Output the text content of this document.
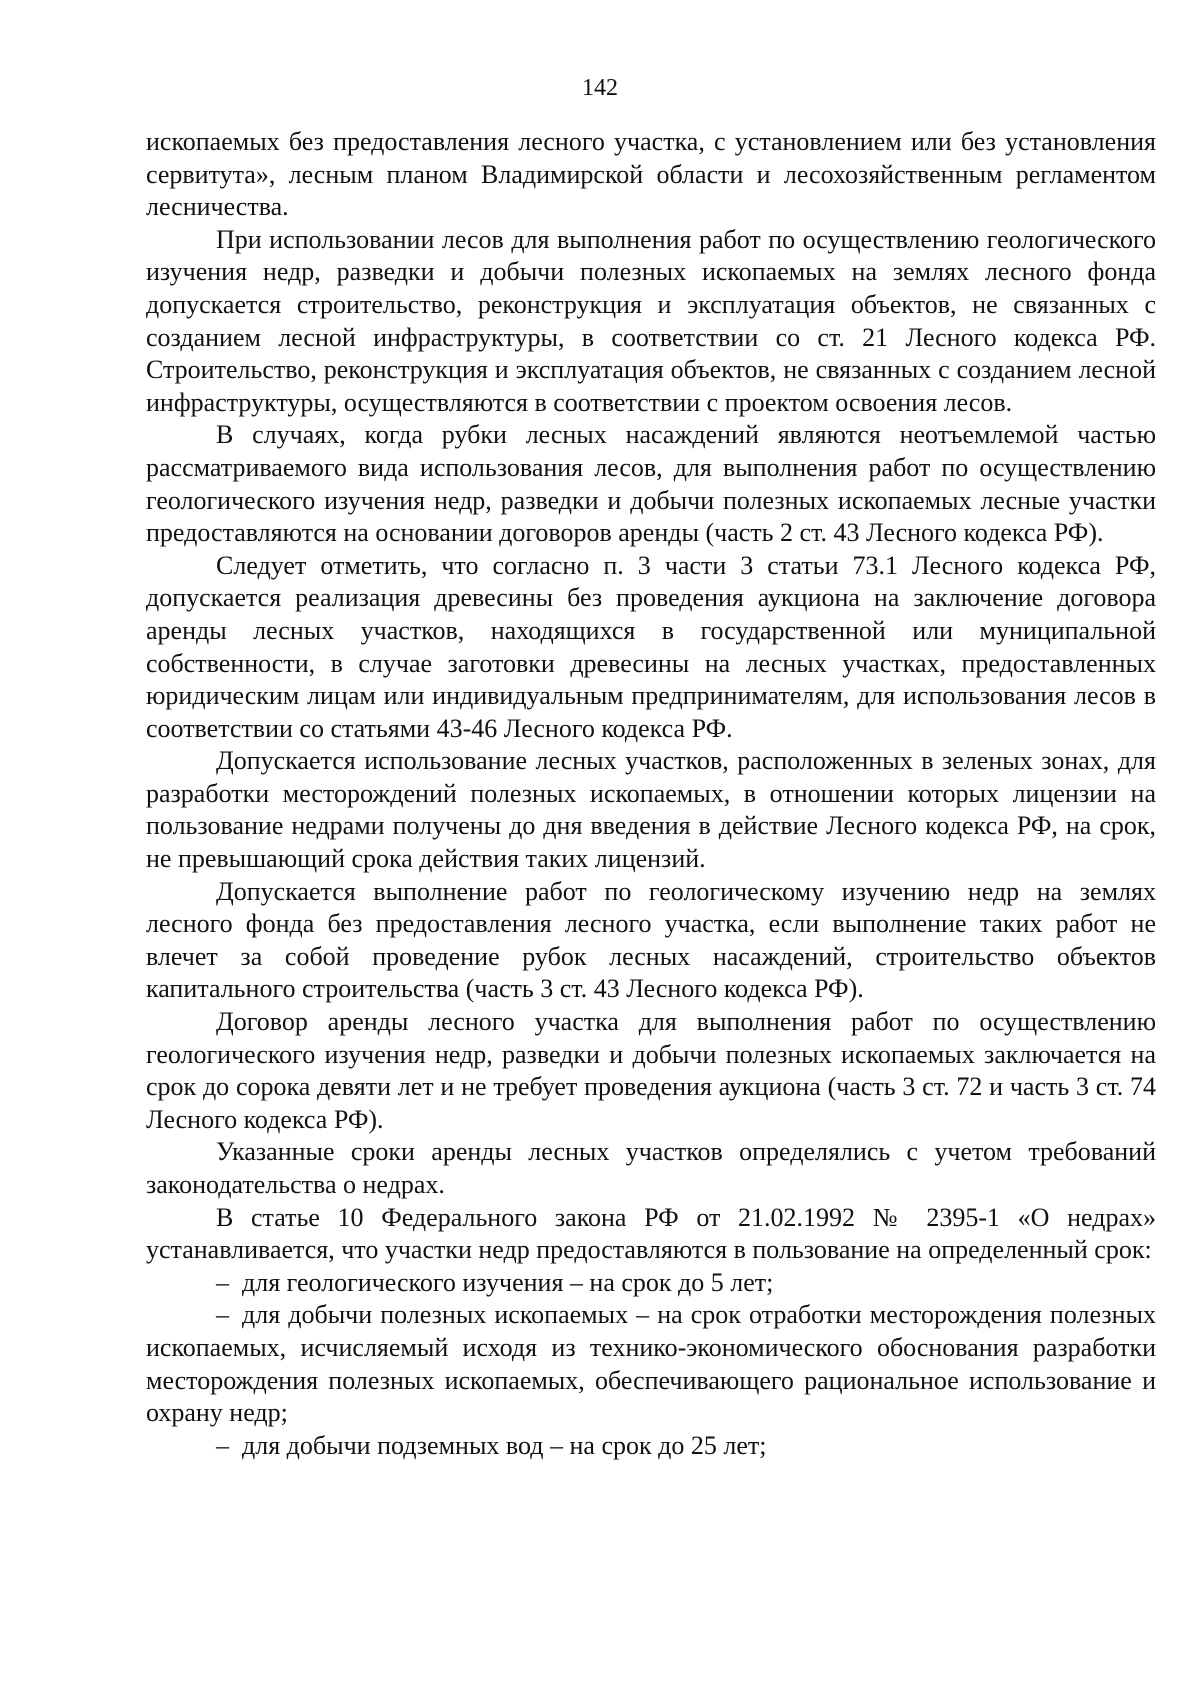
142

ископаемых без предоставления лесного участка, с установлением или без установления сервитута», лесным планом Владимирской области и лесохозяйственным регламентом лесничества.

При использовании лесов для выполнения работ по осуществлению геологического изучения недр, разведки и добычи полезных ископаемых на землях лесного фонда допускается строительство, реконструкция и эксплуатация объектов, не связанных с созданием лесной инфраструктуры, в соответствии со ст. 21 Лесного кодекса РФ. Строительство, реконструкция и эксплуатация объектов, не связанных с созданием лесной инфраструктуры, осуществляются в соответствии с проектом освоения лесов.

В случаях, когда рубки лесных насаждений являются неотъемлемой частью рассматриваемого вида использования лесов, для выполнения работ по осуществлению геологического изучения недр, разведки и добычи полезных ископаемых лесные участки предоставляются на основании договоров аренды (часть 2 ст. 43 Лесного кодекса РФ).

Следует отметить, что согласно п. 3 части 3 статьи 73.1 Лесного кодекса РФ, допускается реализация древесины без проведения аукциона на заключение договора аренды лесных участков, находящихся в государственной или муниципальной собственности, в случае заготовки древесины на лесных участках, предоставленных юридическим лицам или индивидуальным предпринимателям, для использования лесов в соответствии со статьями 43-46 Лесного кодекса РФ.

Допускается использование лесных участков, расположенных в зеленых зонах, для разработки месторождений полезных ископаемых, в отношении которых лицензии на пользование недрами получены до дня введения в действие Лесного кодекса РФ, на срок, не превышающий срока действия таких лицензий.

Допускается выполнение работ по геологическому изучению недр на землях лесного фонда без предоставления лесного участка, если выполнение таких работ не влечет за собой проведение рубок лесных насаждений, строительство объектов капитального строительства (часть 3 ст. 43 Лесного кодекса РФ).

Договор аренды лесного участка для выполнения работ по осуществлению геологического изучения недр, разведки и добычи полезных ископаемых заключается на срок до сорока девяти лет и не требует проведения аукциона (часть 3 ст. 72 и часть 3 ст. 74 Лесного кодекса РФ).

Указанные сроки аренды лесных участков определялись с учетом требований законодательства о недрах.

В статье 10 Федерального закона РФ от 21.02.1992 № 2395-1 «О недрах» устанавливается, что участки недр предоставляются в пользование на определенный срок:

– для геологического изучения – на срок до 5 лет;

– для добычи полезных ископаемых – на срок отработки месторождения полезных ископаемых, исчисляемый исходя из технико-экономического обоснования разработки месторождения полезных ископаемых, обеспечивающего рациональное использование и охрану недр;

– для добычи подземных вод – на срок до 25 лет;
